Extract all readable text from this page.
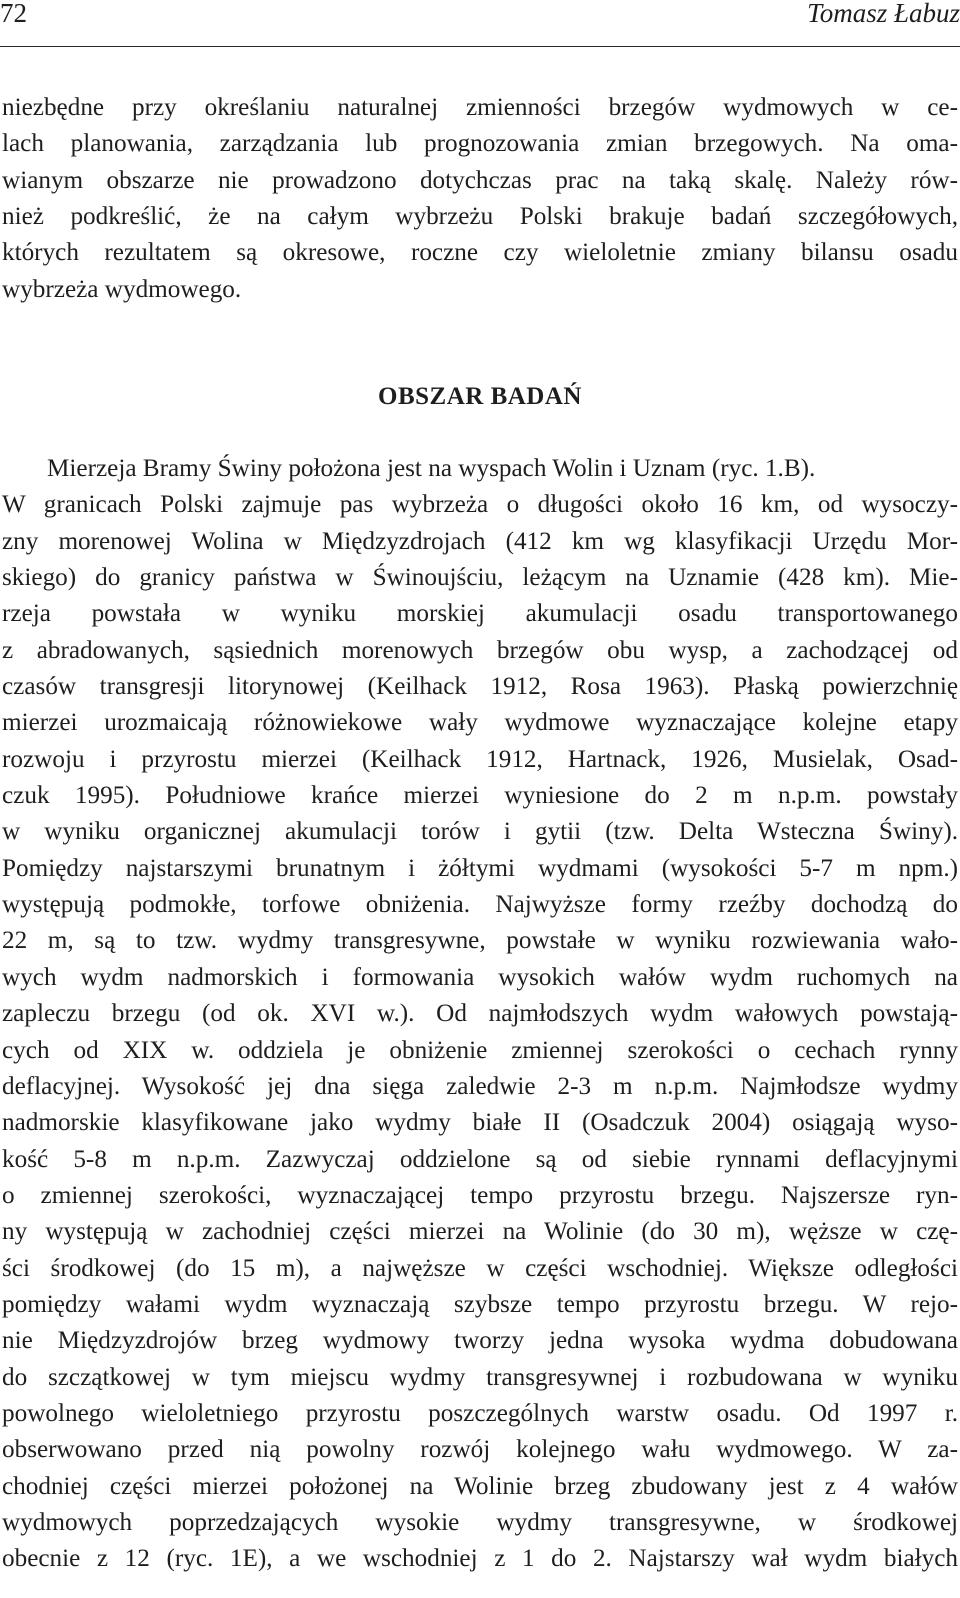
72	Tomasz Łabuz
niezbędne przy określaniu naturalnej zmienności brzegów wydmowych w ce-
lach planowania, zarządzania lub prognozowania zmian brzegowych. Na oma-
wianym obszarze nie prowadzono dotychczas prac na taką skalę. Należy rów-
nież podkreślić, że na całym wybrzeżu Polski brakuje badań szczegółowych,
których rezultatem są okresowe, roczne czy wieloletnie zmiany bilansu osadu
wybrzeża wydmowego.
OBSZAR BADAŃ
Mierzeja Bramy Świny położona jest na wyspach Wolin i Uznam (ryc. 1.B).
W granicach Polski zajmuje pas wybrzeża o długości około 16 km, od wysoczy-
zny morenowej Wolina w Międzyzdrojach (412 km wg klasyfikacji Urzędu Mor-
skiego) do granicy państwa w Świnoujściu, leżącym na Uznamie (428 km). Mie-
rzeja powstała w wyniku morskiej akumulacji osadu transportowanego
z abradowanych, sąsiednich morenowych brzegów obu wysp, a zachodzącej od
czasów transgresji litorynowej (Keilhack 1912, Rosa 1963). Płaską powierzchnię
mierzei urozmaicają różnowiekowe wały wydmowe wyznaczające kolejne etapy
rozwoju i przyrostu mierzei (Keilhack 1912, Hartnack, 1926, Musielak, Osad-
czuk 1995). Południowe krańce mierzei wyniesione do 2 m n.p.m. powstały
w wyniku organicznej akumulacji torów i gytii (tzw. Delta Wsteczna Świny).
Pomiędzy najstarszymi brunatnym i żółtymi wydmami (wysokości 5-7 m npm.)
występują podmokłe, torfowe obniżenia. Najwyższe formy rzeźby dochodzą do
22 m, są to tzw. wydmy transgresywne, powstałe w wyniku rozwiewania wało-
wych wydm nadmorskich i formowania wysokich wałów wydm ruchomych na
zapleczu brzegu (od ok. XVI w.). Od najmłodszych wydm wałowych powstają-
cych od XIX w. oddziela je obniżenie zmiennej szerokości o cechach rynny
deflacyjnej. Wysokość jej dna sięga zaledwie 2-3 m n.p.m. Najmłodsze wydmy
nadmorskie klasyfikowane jako wydmy białe II (Osadczuk 2004) osiągają wyso-
kość 5-8 m n.p.m. Zazwyczaj oddzielone są od siebie rynnami deflacyjnymi
o zmiennej szerokości, wyznaczającej tempo przyrostu brzegu. Najszersze ryn-
ny występują w zachodniej części mierzei na Wolinie (do 30 m), węższe w czę-
ści środkowej (do 15 m), a najwęższe w części wschodniej. Większe odległości
pomiędzy wałami wydm wyznaczają szybsze tempo przyrostu brzegu. W rejo-
nie Międzyzdrojów brzeg wydmowy tworzy jedna wysoka wydma dobudowana
do szczątkowej w tym miejscu wydmy transgresywnej i rozbudowana w wyniku
powolnego wieloletniego przyrostu poszczególnych warstw osadu. Od 1997 r.
obserwowano przed nią powolny rozwój kolejnego wału wydmowego. W za-
chodniej części mierzei położonej na Wolinie brzeg zbudowany jest z 4 wałów
wydmowych poprzedzających wysokie wydmy transgresywne, w środkowej
obecnie z 12 (ryc. 1E), a we wschodniej z 1 do 2. Najstarszy wał wydm białych
